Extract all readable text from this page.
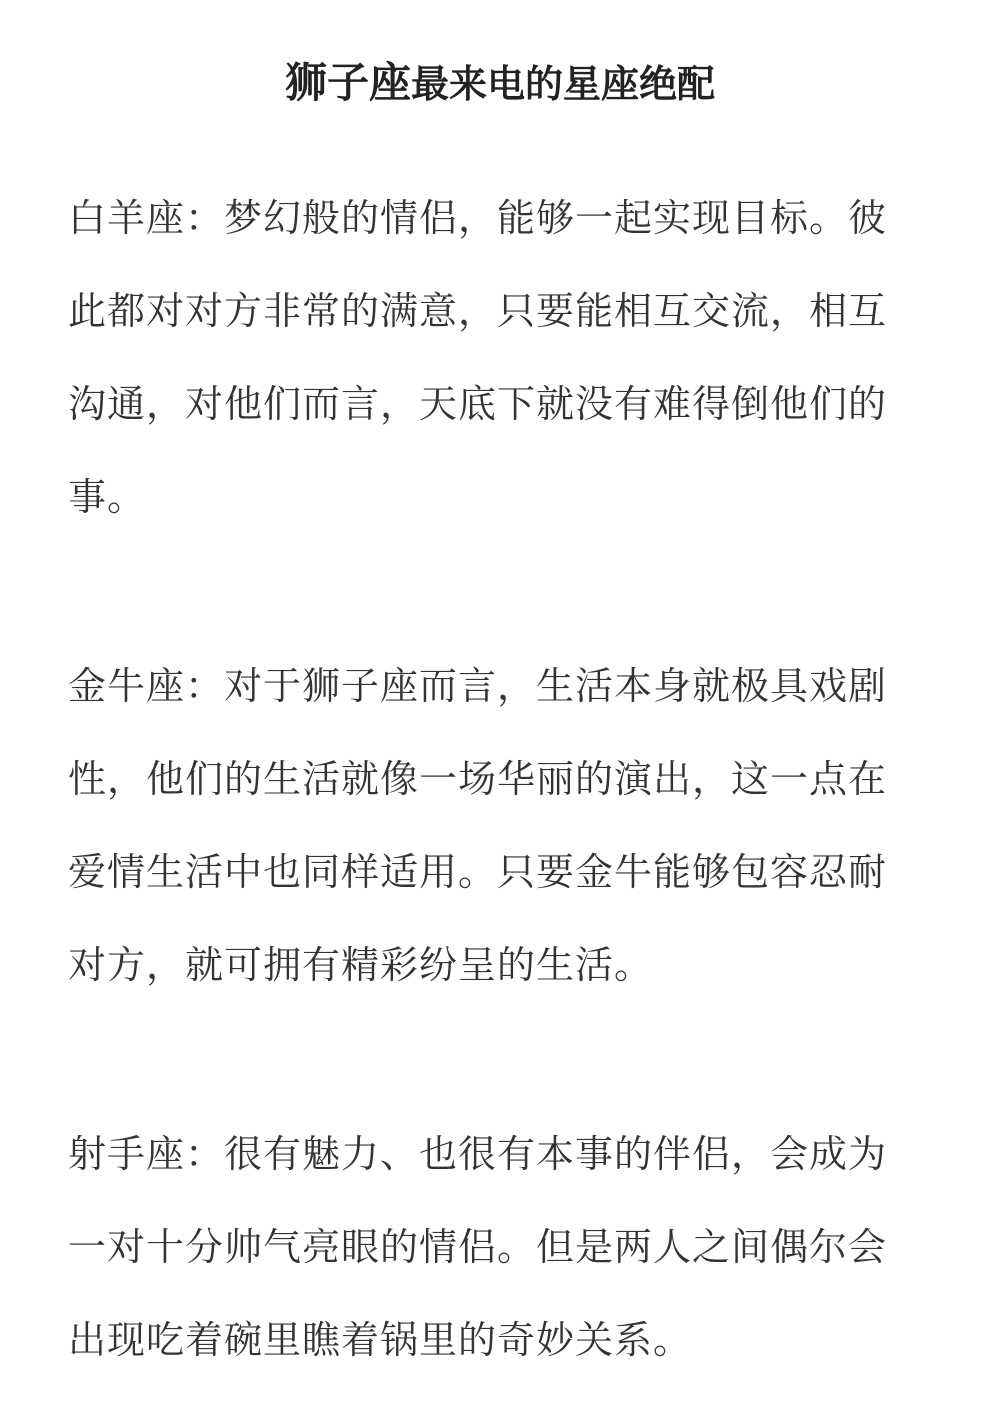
狮子座最来电的星座绝配
白羊座：梦幻般的情侣，能够一起实现目标。彼
此都对对方非常的满意，只要能相互交流，相互
沟通，对他们而言，天底下就没有难得倒他们的
事。
金牛座：对于狮子座而言，生活本身就极具戏剧
性，他们的生活就像一场华丽的演出，这一点在
爱情生活中也同样适用。只要金牛能够包容忍耐
对方，就可拥有精彩纷呈的生活。
射手座：很有魅力、也很有本事的伴侣，会成为
一对十分帅气亮眼的情侣。但是两人之间偶尔会
出现吃着碗里瞧着锅里的奇妙关系。
